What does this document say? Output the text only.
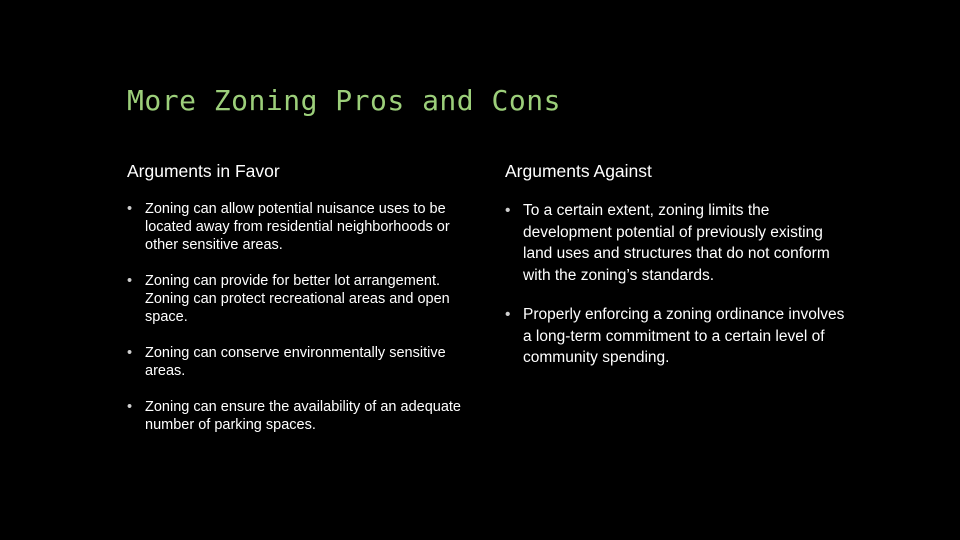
More Zoning Pros and Cons
Arguments in Favor
• Zoning can allow potential nuisance uses to be located away from residential neighborhoods or other sensitive areas.
• Zoning can provide for better lot arrangement. Zoning can protect recreational areas and open space.
• Zoning can conserve environmentally sensitive areas.
• Zoning can ensure the availability of an adequate number of parking spaces.
Arguments Against
• To a certain extent, zoning limits the development potential of previously existing land uses and structures that do not conform with the zoning’s standards.
• Properly enforcing a zoning ordinance involves a long-term commitment to a certain level of community spending.
